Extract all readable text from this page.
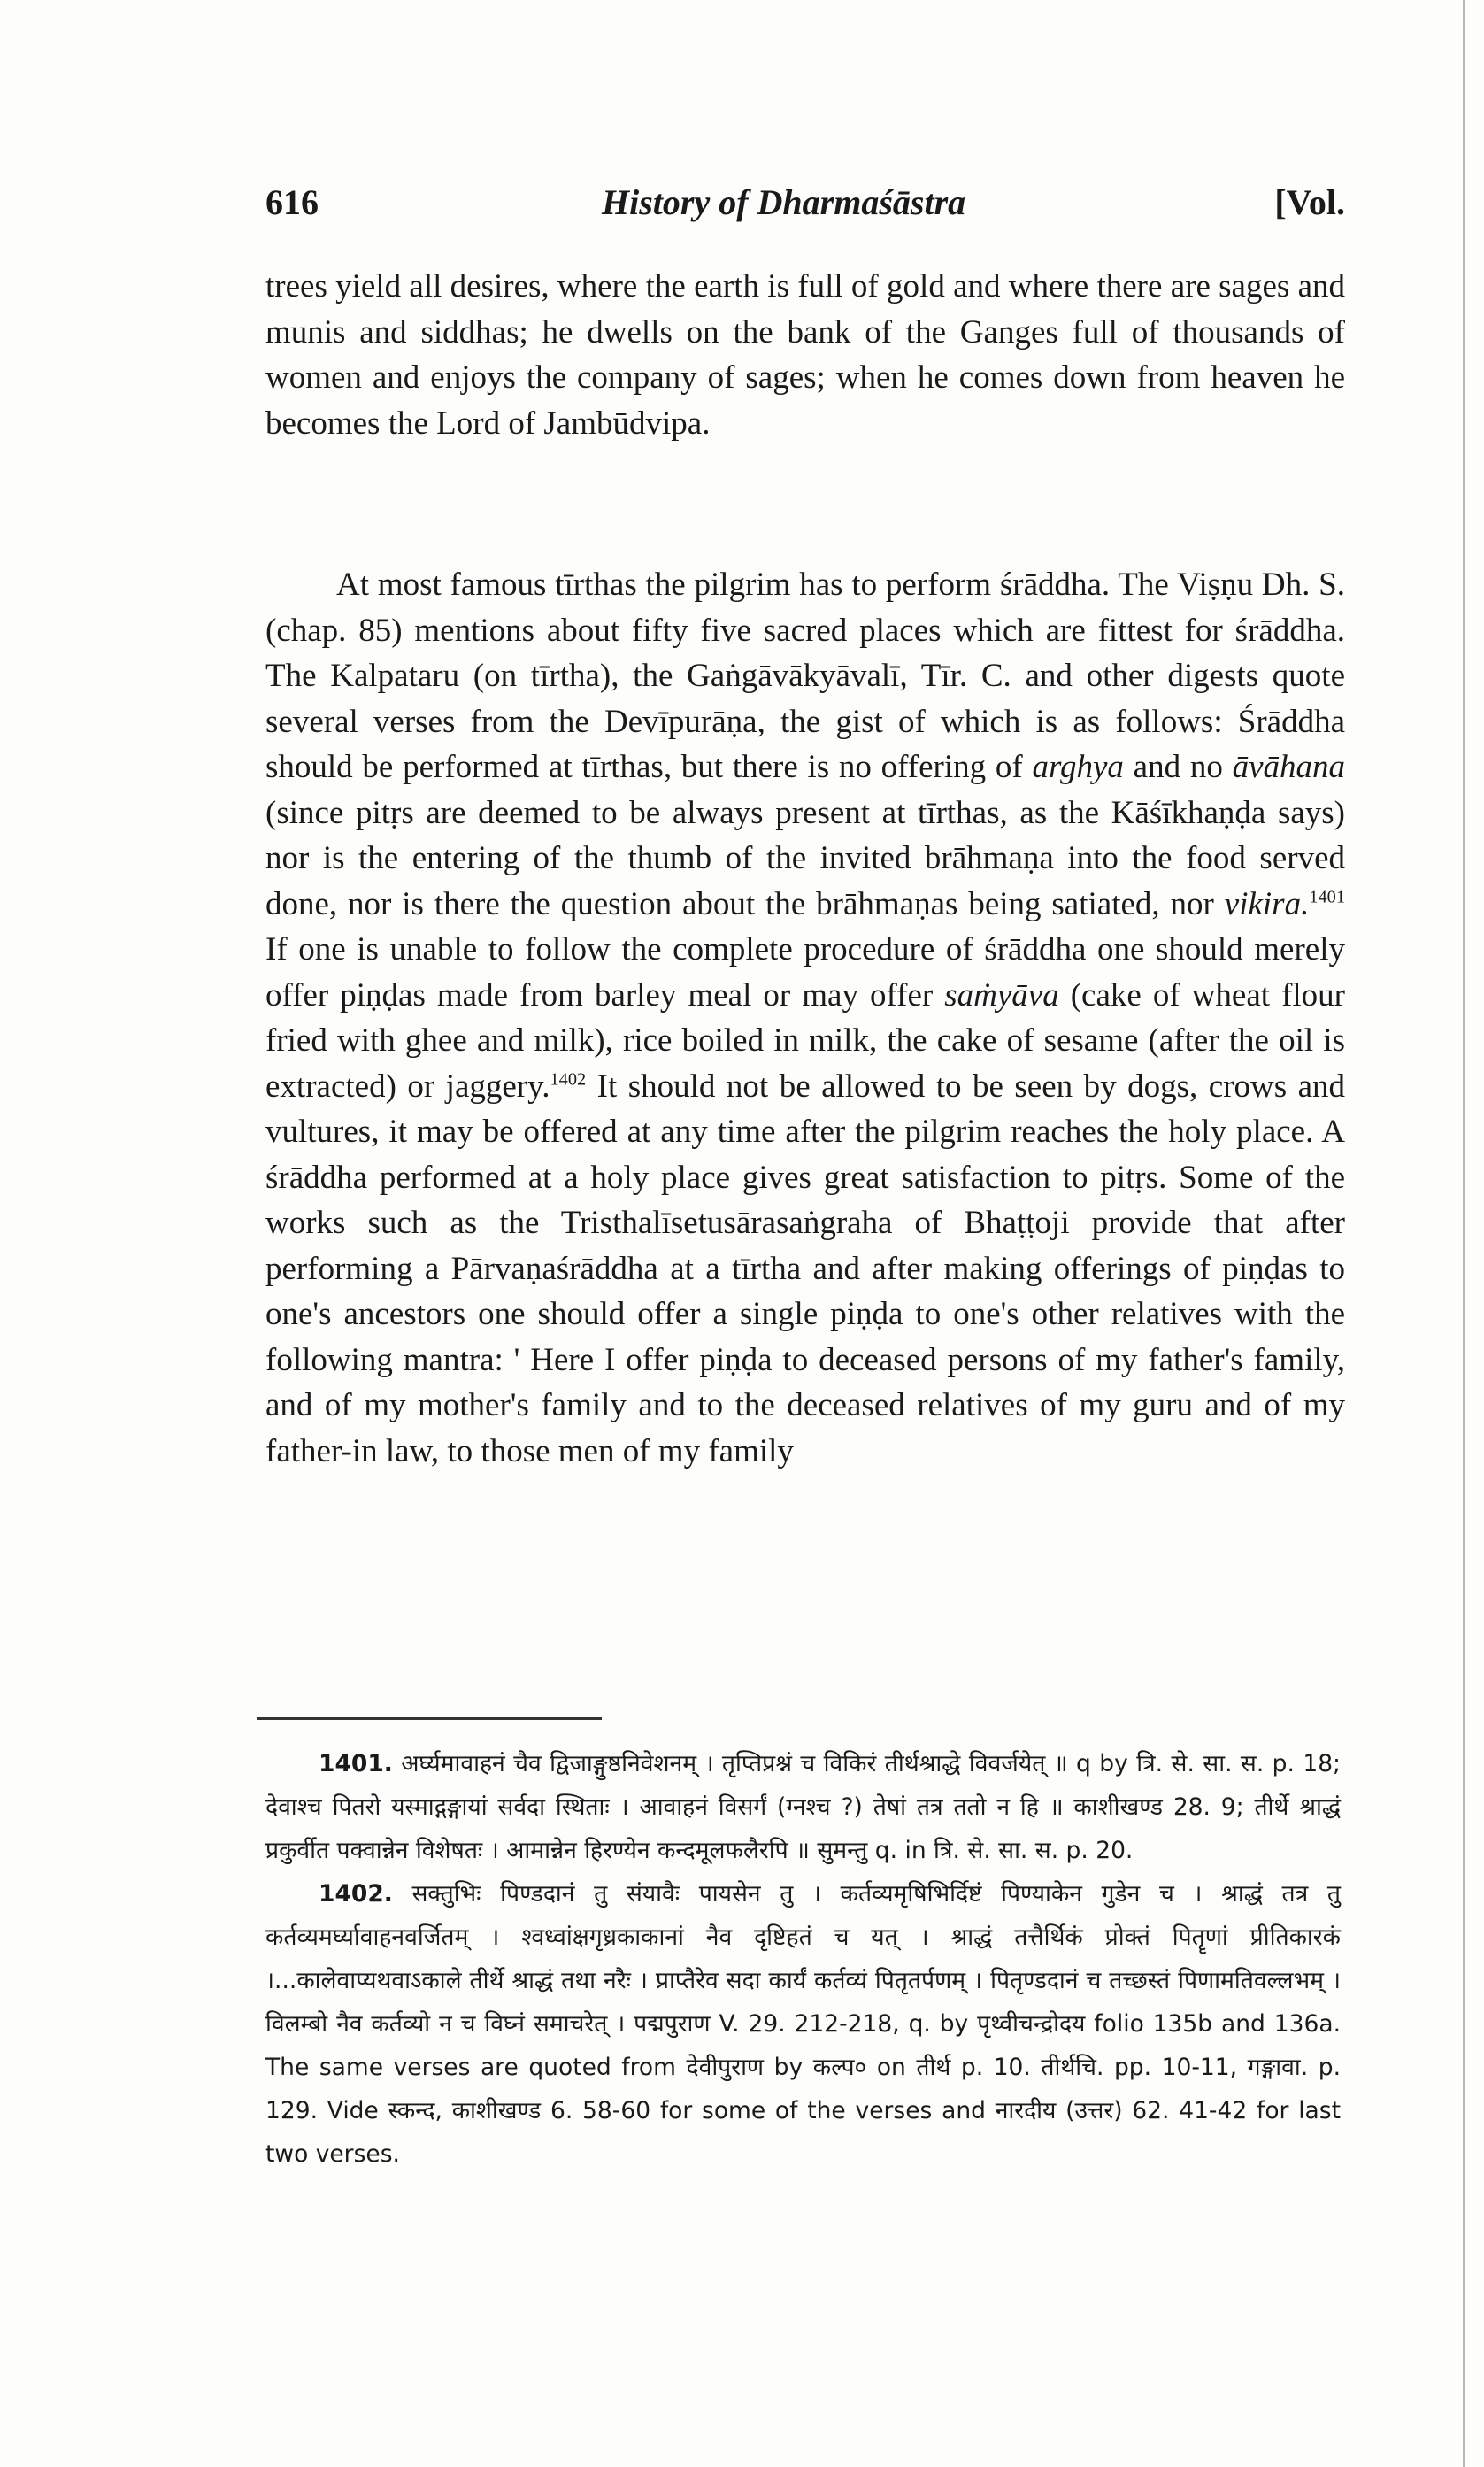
616	History of Dharmaśāstra	[Vol.
trees yield all desires, where the earth is full of gold and where there are sages and munis and siddhas; he dwells on the bank of the Ganges full of thousands of women and enjoys the company of sages; when he comes down from heaven he becomes the Lord of Jambūdvipa.
At most famous tīrthas the pilgrim has to perform śrāddha. The Viṣṇu Dh. S. (chap. 85) mentions about fifty five sacred places which are fittest for śrāddha. The Kalpataru (on tīrtha), the Gaṅgāvākyāvalī, Tīr. C. and other digests quote several verses from the Devīpurāṇa, the gist of which is as follows: Śrāddha should be performed at tīrthas, but there is no offering of arghya and no āvāhana (since pitṛs are deemed to be always present at tīrthas, as the Kāśīkhaṇḍa says) nor is the entering of the thumb of the invited brāhmaṇa into the food served done, nor is there the question about the brāhmaṇas being satiated, nor vikira.$^{1401}$ If one is unable to follow the complete procedure of śrāddha one should merely offer piṇḍas made from barley meal or may offer saṁyāva (cake of wheat flour fried with ghee and milk), rice boiled in milk, the cake of sesame (after the oil is extracted) or jaggery.$^{1402}$ It should not be allowed to be seen by dogs, crows and vultures, it may be offered at any time after the pilgrim reaches the holy place. A śrāddha performed at a holy place gives great satisfaction to pitṛs. Some of the works such as the Tristhalīsetusārasaṅgraha of Bhaṭṭoji provide that after performing a Pārvaṇaśrāddha at a tīrtha and after making offerings of piṇḍas to one's ancestors one should offer a single piṇḍa to one's other relatives with the following mantra: ' Here I offer piṇḍa to deceased persons of my father's family, and of my mother's family and to the deceased relatives of my guru and of my father-in law, to those men of my family
1401. अर्घ्यमावाहनं चैव द्विजाङ्गुष्ठनिवेशनम् । तृप्तिप्रश्नं च विकिरं तीर्थश्राद्धे विवर्जयेत् ॥ q by त्रि. से. सा. स. p. 18; देवाश्च पितरो यस्माद्गङ्गायां सर्वदा स्थिताः । आवाहनं विसर्गं (ग्नश्च ?) तेषां तत्र ततो न हि ॥ काशीखण्ड 28. 9; तीर्थे श्राद्धं प्रकुर्वीत पक्वान्नेन विशेषतः । आमान्नेन हिरण्येन कन्दमूलफलैरपि ॥ सुमन्तु q. in त्रि. से. सा. स. p. 20.
1402. सक्तुभिः पिण्डदानं तु संयावैः पायसेन तु । कर्तव्यमृषिभिर्दिष्टं पिण्याकेन गुडेन च । श्राद्धं तत्र तु कर्तव्यमर्घ्यावाहनवर्जितम् । श्वध्वांक्षगृध्रकाकानां नैव दृष्टिहतं च यत् । श्राद्धं तत्तैर्थिकं प्रोक्तं पितॄणां प्रीतिकारकं ।...कालेवाप्यथवाऽकाले तीर्थे श्राद्धं तथा नरैः । प्राप्तैरेव सदा कार्यं कर्तव्यं पितृतर्पणम् । पितृण्डदानं च तच्छस्तं पिणामतिवल्लभम् । विलम्बो नैव कर्तव्यो न च विघ्नं समाचरेत् । पद्मपुराण V. 29. 212-218, q. by पृथ्वीचन्द्रोदय folio 135b and 136a. The same verses are quoted from देवीपुराण by कल्प० on तीर्थ p. 10. तीर्थचि. pp. 10-11, गङ्गावा. p. 129. Vide स्कन्द, काशीखण्ड 6. 58-60 for some of the verses and नारदीय (उत्तर) 62. 41-42 for last two verses.
